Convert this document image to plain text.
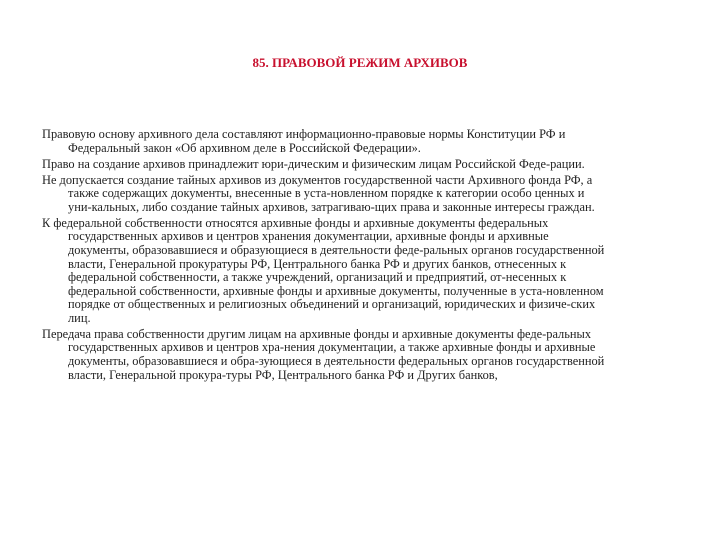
85. ПРАВОВОЙ РЕЖИМ АРХИВОВ
Правовую основу архивного дела составляют информационно-правовые нормы Конституции РФ и
Федеральный закон «Об архивном деле в Российской Федерации».
Право на создание архивов принадлежит юри-дическим и физическим лицам Российской Феде-рации.
Не допускается создание тайных архивов из документов государственной части Архивного фонда РФ, а
также содержащих документы, внесенные в уста-новленном порядке к категории особо ценных и
уни-кальных, либо создание тайных архивов, затрагиваю-щих права и законные интересы граждан.
К федеральной собственности относятся архивные фонды и архивные документы федеральных
государственных архивов и центров хранения документации, архивные фонды и архивные
документы, образовавшиеся и образующиеся в деятельности феде-ральных органов государственной
власти, Генеральной прокуратуры РФ, Центрального банка РФ и других банков, отнесенных к
федеральной собственности, а также учреждений, организаций и предприятий, от-несенных к
федеральной собственности, архивные фонды и архивные документы, полученные в уста-новленном
порядке от общественных и религиозных объединений и организаций, юридических и физиче-ских
лиц.
Передача права собственности другим лицам на архивные фонды и архивные документы феде-ральных
государственных архивов и центров хра-нения документации, а также архивные фонды и архивные
документы, образовавшиеся и обра-зующиеся в деятельности федеральных органов государственной
власти, Генеральной прокура-туры РФ, Центрального банка РФ и Других банков,
